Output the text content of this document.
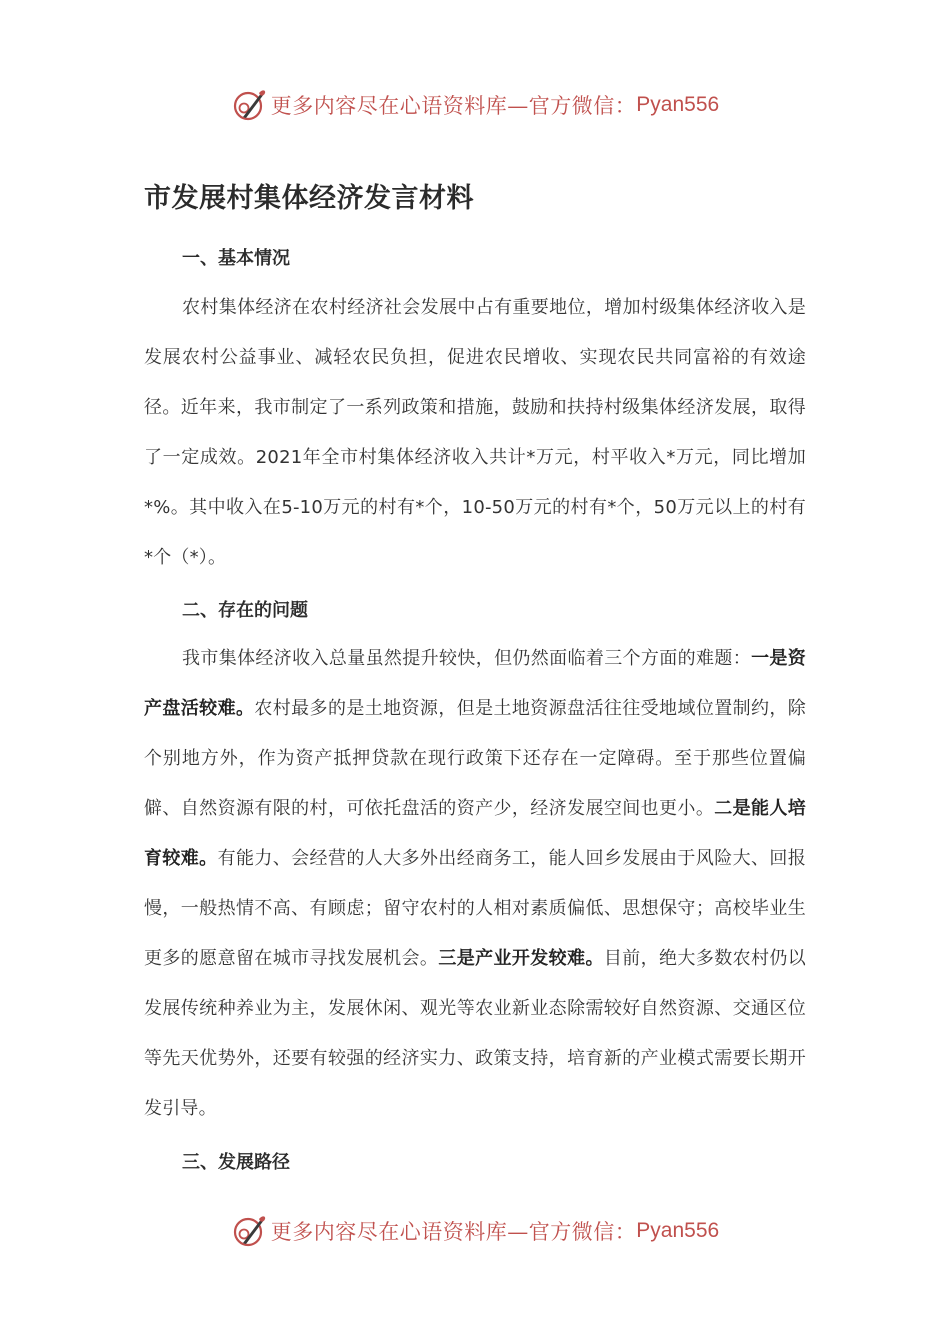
更多内容尽在心语资料库—官方微信： Pyan556
市发展村集体经济发言材料
一、基本情况

农村集体经济在农村经济社会发展中占有重要地位，增加村级集体经济收入是发展农村公益事业、减轻农民负担，促进农民增收、实现农民共同富裕的有效途径。近年来，我市制定了一系列政策和措施，鼓励和扶持村级集体经济发展，取得了一定成效。2021年全市村集体经济收入共计*万元，村平收入*万元，同比增加*%。其中收入在5-10万元的村有*个，10-50万元的村有*个，50万元以上的村有*个（*）。

二、存在的问题

我市集体经济收入总量虽然提升较快，但仍然面临着三个方面的难题：一是资产盘活较难。农村最多的是土地资源，但是土地资源盘活往往受地域位置制约，除个别地方外，作为资产抵押贷款在现行政策下还存在一定障碍。至于那些位置偏僻、自然资源有限的村，可依托盘活的资产少，经济发展空间也更小。二是能人培育较难。有能力、会经营的人大多外出经商务工，能人回乡发展由于风险大、回报慢，一般热情不高、有顾虑；留守农村的人相对素质偏低、思想保守；高校毕业生更多的愿意留在城市寻找发展机会。三是产业开发较难。目前，绝大多数农村仍以发展传统种养业为主，发展休闲、观光等农业新业态除需较好自然资源、交通区位等先天优势外，还要有较强的经济实力、政策支持，培育新的产业模式需要长期开发引导。

三、发展路径
更多内容尽在心语资料库—官方微信： Pyan556
